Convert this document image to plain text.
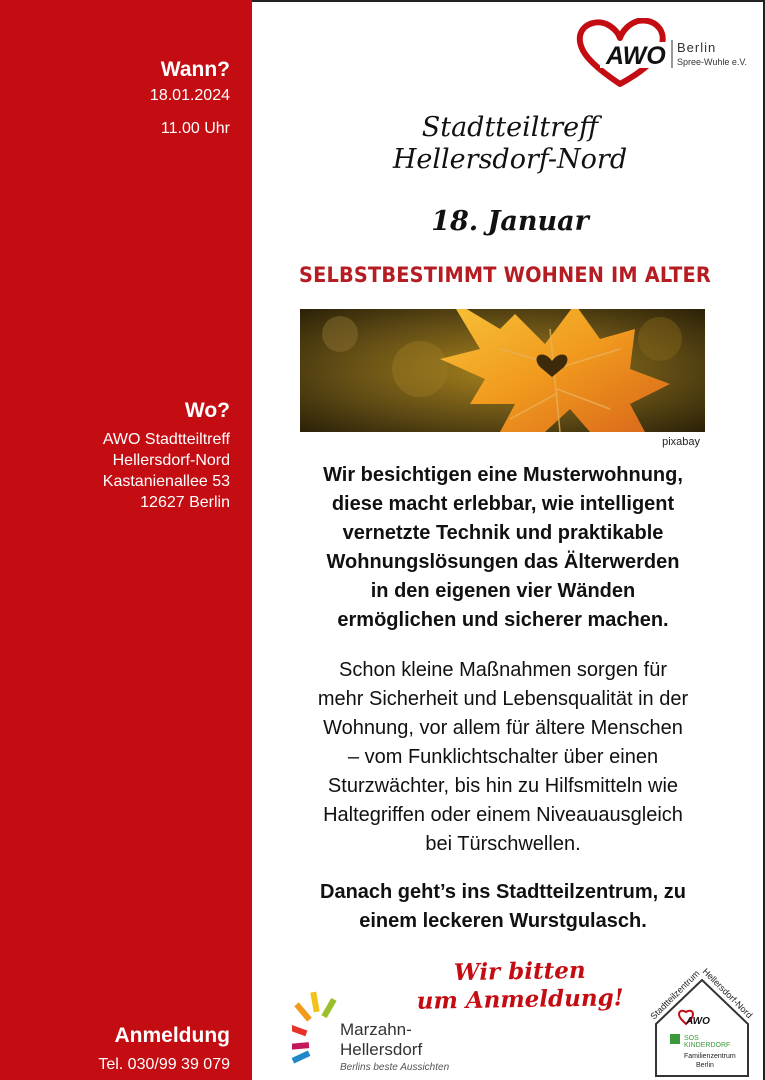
Wann?
18.01.2024
11.00 Uhr
Wo?
AWO Stadtteiltreff
Hellersdorf-Nord
Kastanienallee 53
12627 Berlin
Anmeldung
Tel. 030/99 39 079
AWO Berlin
Spree-Wuhle e.V.
Stadtteiltreff
Hellersdorf-Nord
18. Januar
SELBSTBESTIMMT WOHNEN IM ALTER
pixabay
Wir besichtigen eine Musterwohnung,
diese macht erlebbar, wie intelligent
vernetzte Technik und praktikable
Wohnungslösungen das Älterwerden
in den eigenen vier Wänden
ermöglichen und sicherer machen.
Schon kleine Maßnahmen sorgen für
mehr Sicherheit und Lebensqualität in der
Wohnung, vor allem für ältere Menschen
– vom Funklichtschalter über einen
Sturzwächter, bis hin zu Hilfsmitteln wie
Haltegriffen oder einem Niveauausgleich
bei Türschwellen.
Danach geht’s ins Stadtteilzentrum, zu
einem leckeren Wurstgulasch.
Wir bitten
um Anmeldung!
Marzahn-
Hellersdorf
Berlins beste Aussichten
Stadtteilzentrum Hellersdorf-Nord
AWO
SOS
KINDERDORF
Familienzentrum
Berlin
